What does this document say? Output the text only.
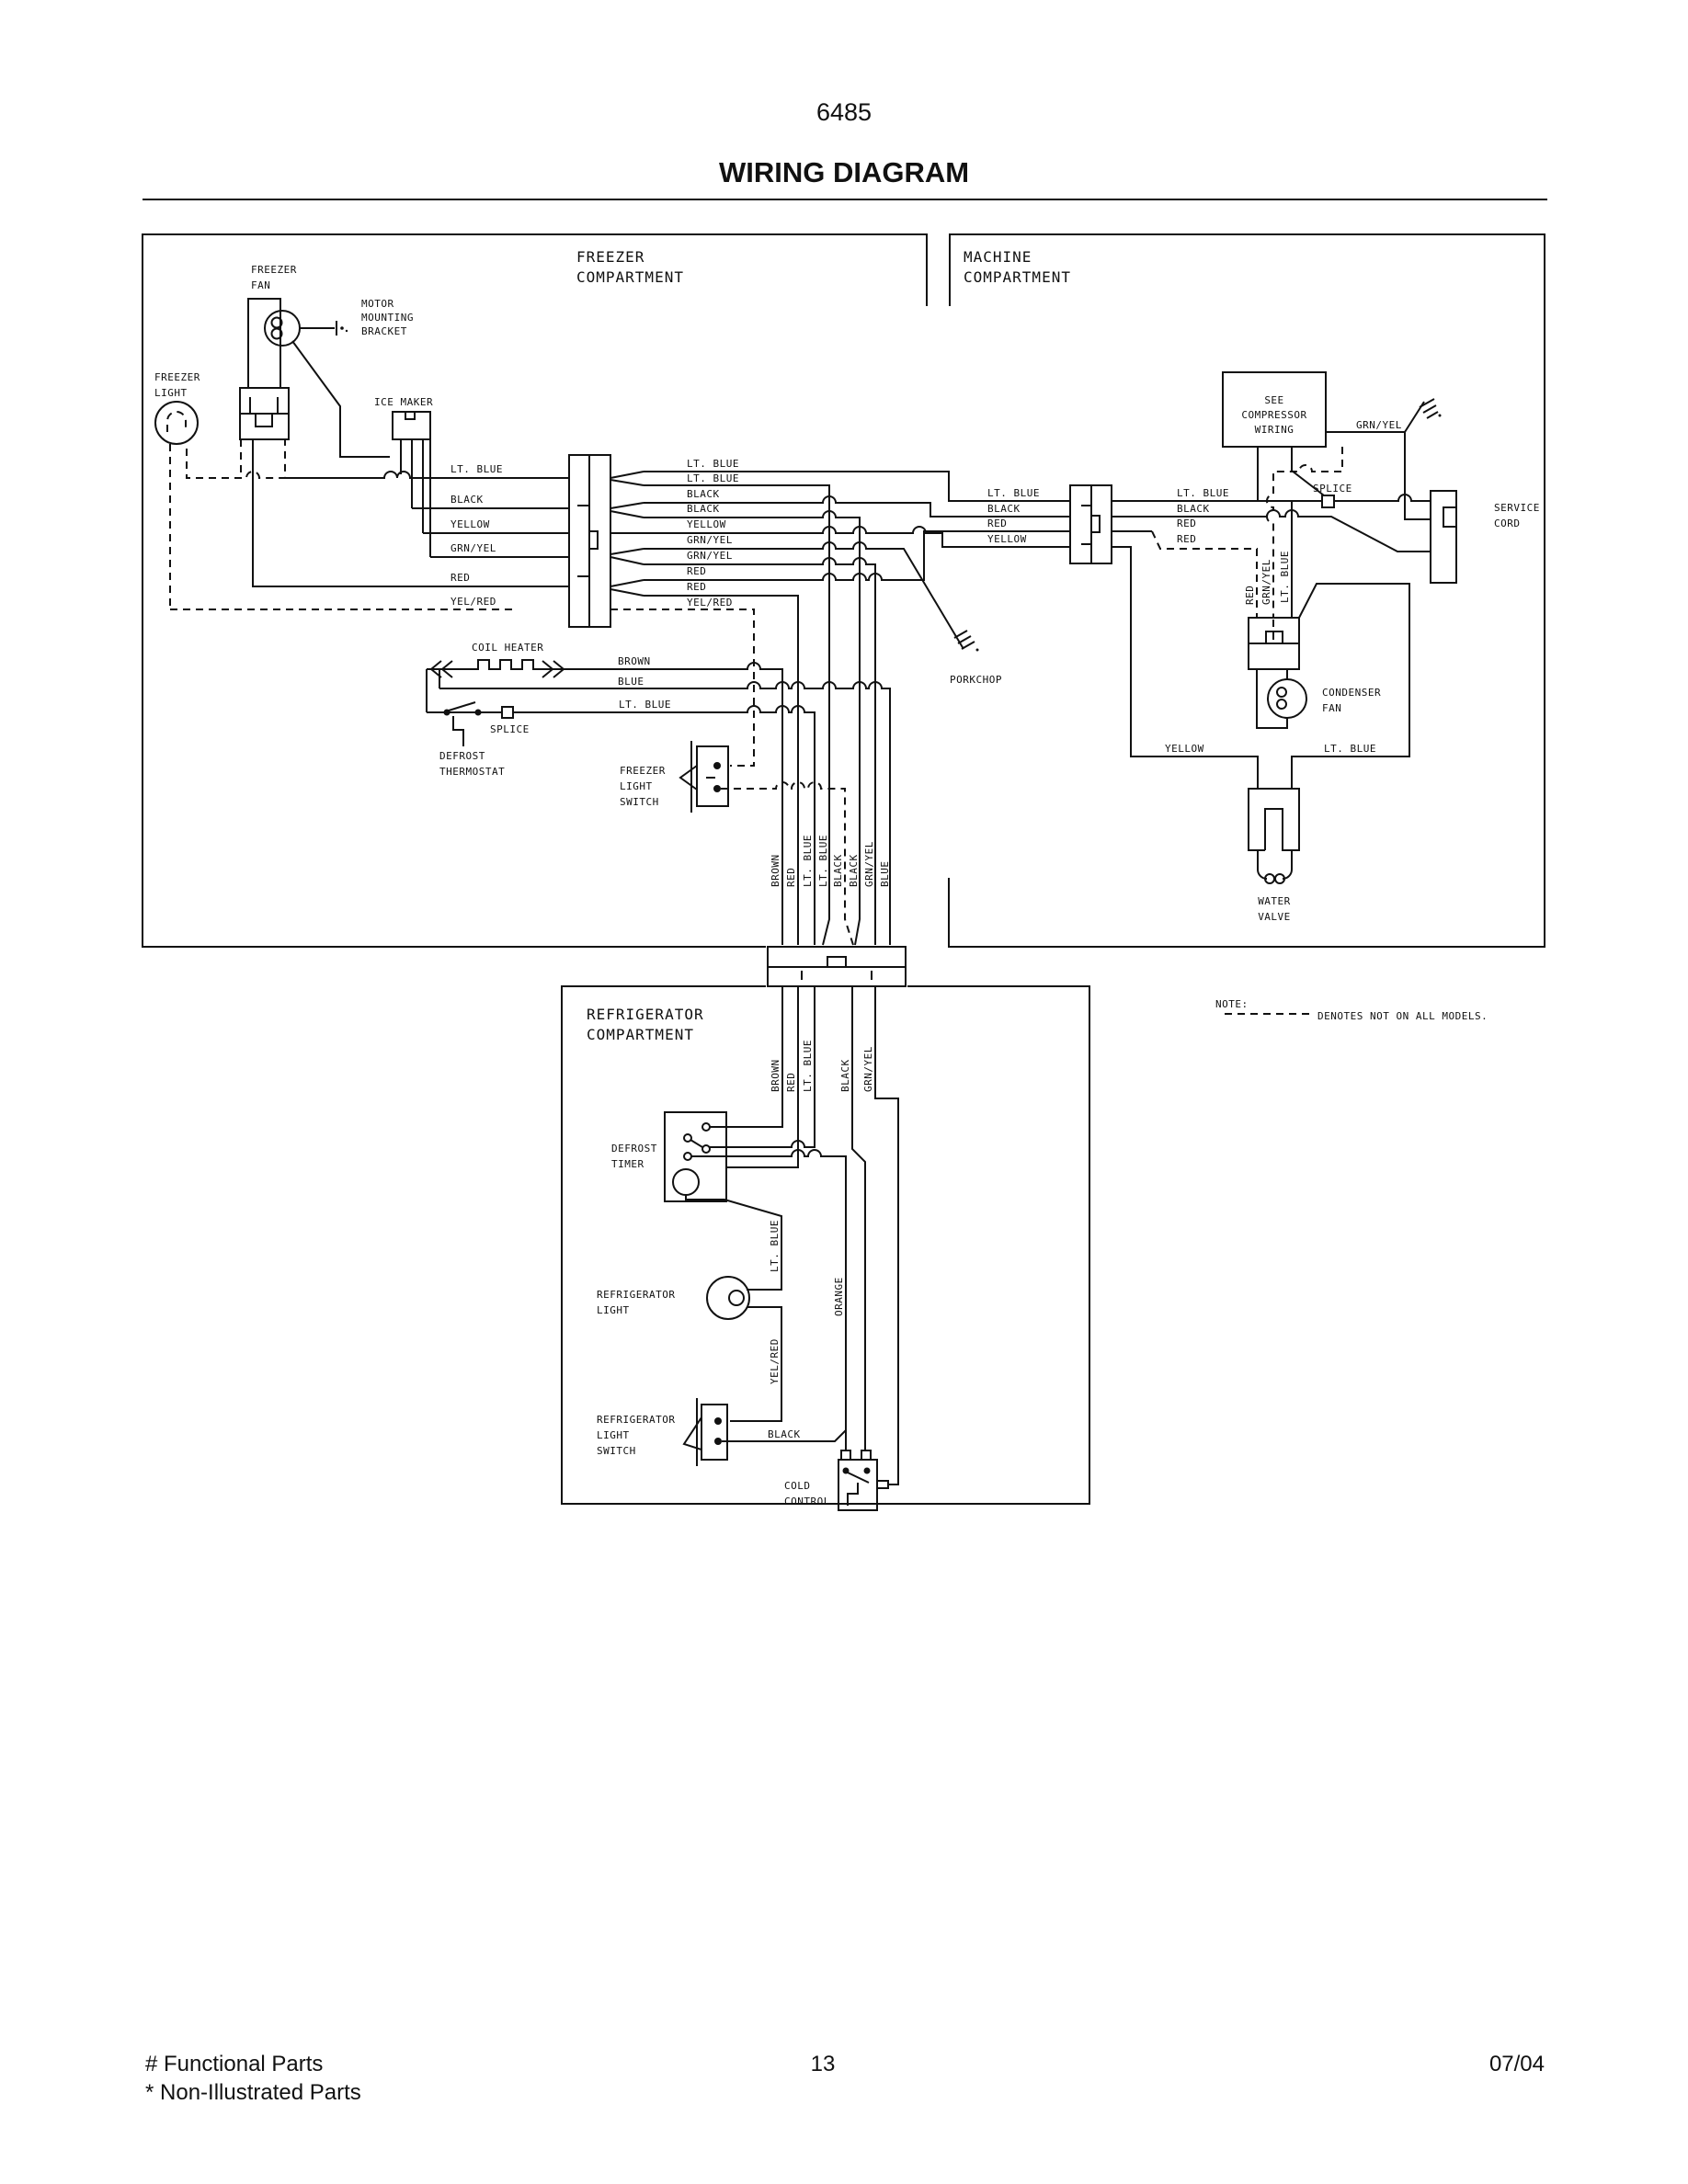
6485
WIRING DIAGRAM
FREEZER
COMPARTMENT
FREEZER
FAN
MOTOR
MOUNTING
BRACKET
FREEZER
LIGHT
ICE MAKER
LT. BLUE
BLACK
YELLOW
GRN/YEL
RED
YEL/RED
LT. BLUE
LT. BLUE
BLACK
BLACK
YELLOW
GRN/YEL
GRN/YEL
RED
RED
YEL/RED
PORKCHOP
COIL HEATER
BROWN
BLUE
LT. BLUE
DEFROST
THERMOSTAT
SPLICE
FREEZER
LIGHT
SWITCH
BROWN RED LT. BLUE LT. BLUE BLACK BLACK GRN/YEL BLUE
MACHINE
COMPARTMENT
LT. BLUE
BLACK
RED
YELLOW
LT. BLUE
BLACK
RED
RED
SEE
COMPRESSOR
WIRING	GRN/YEL
SPLICE
SERVICE
CORD
RED GRN/YEL LT. BLUE
CONDENSER
FAN
YELLOW	LT. BLUE
WATER
VALVE
NOTE:
DENOTES NOT ON ALL MODELS.
REFRIGERATOR
COMPARTMENT
BROWN RED LT. BLUE	BLACK GRN/YEL
DEFROST
TIMER
REFRIGERATOR
LIGHT
LT. BLUE
ORANGE
YEL/RED
REFRIGERATOR
LIGHT
SWITCH
BLACK
COLD
CONTROL
# Functional Parts
* Non-Illustrated Parts
13	07/04
